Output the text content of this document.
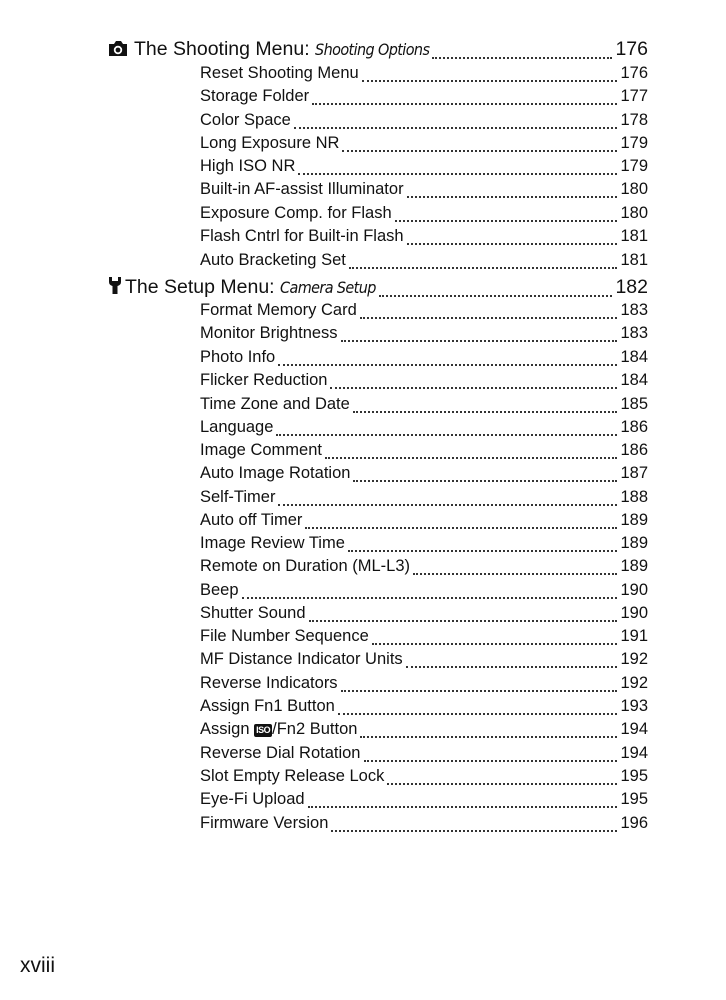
The Shooting Menu: Shooting Options	176
Reset Shooting Menu	176
Storage Folder	177
Color Space	178
Long Exposure NR	179
High ISO NR	179
Built-in AF-assist Illuminator	180
Exposure Comp. for Flash	180
Flash Cntrl for Built-in Flash	181
Auto Bracketing Set	181
The Setup Menu: Camera Setup	182
Format Memory Card	183
Monitor Brightness	183
Photo Info	184
Flicker Reduction	184
Time Zone and Date	185
Language	186
Image Comment	186
Auto Image Rotation	187
Self-Timer	188
Auto off Timer	189
Image Review Time	189
Remote on Duration (ML-L3)	189
Beep	190
Shutter Sound	190
File Number Sequence	191
MF Distance Indicator Units	192
Reverse Indicators	192
Assign Fn1 Button	193
Assign ISO /Fn2 Button	194
Reverse Dial Rotation	194
Slot Empty Release Lock	195
Eye-Fi Upload	195
Firmware Version	196
xviii
